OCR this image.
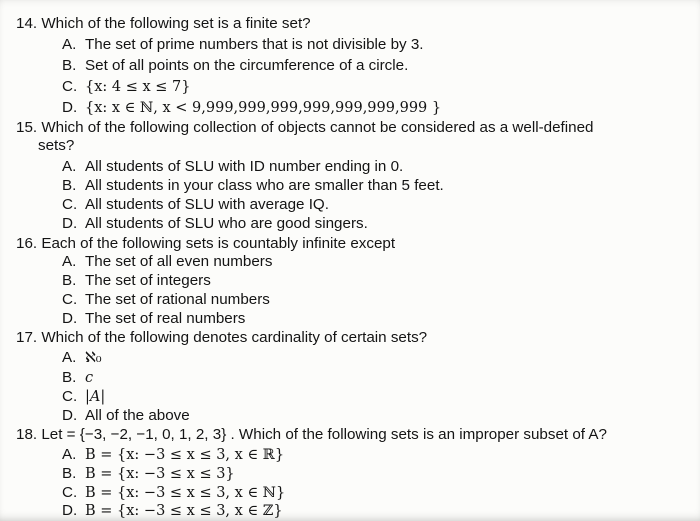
14. Which of the following set is a finite set?
A. The set of prime numbers that is not divisible by 3.
B. Set of all points on the circumference of a circle.
C. {x: 4 ≤ x ≤ 7}
D. {x: x ∈ ℕ, x < 9,999,999,999,999,999,999,999 }
15. Which of the following collection of objects cannot be considered as a well-defined
sets?
A. All students of SLU with ID number ending in 0.
B. All students in your class who are smaller than 5 feet.
C. All students of SLU with average IQ.
D. All students of SLU who are good singers.
16. Each of the following sets is countably infinite except
A. The set of all even numbers
B. The set of integers
C. The set of rational numbers
D. The set of real numbers
17. Which of the following denotes cardinality of certain sets?
A. ℵ₀
B. c
C. |A|
D. All of the above
18. Let = {−3, −2, −1, 0, 1, 2, 3} . Which of the following sets is an improper subset of A?
A. B = {x: −3 ≤ x ≤ 3, x ∈ ℝ}
B. B = {x: −3 ≤ x ≤ 3}
C. B = {x: −3 ≤ x ≤ 3, x ∈ ℕ}
D. B = {x: −3 ≤ x ≤ 3, x ∈ ℤ}
